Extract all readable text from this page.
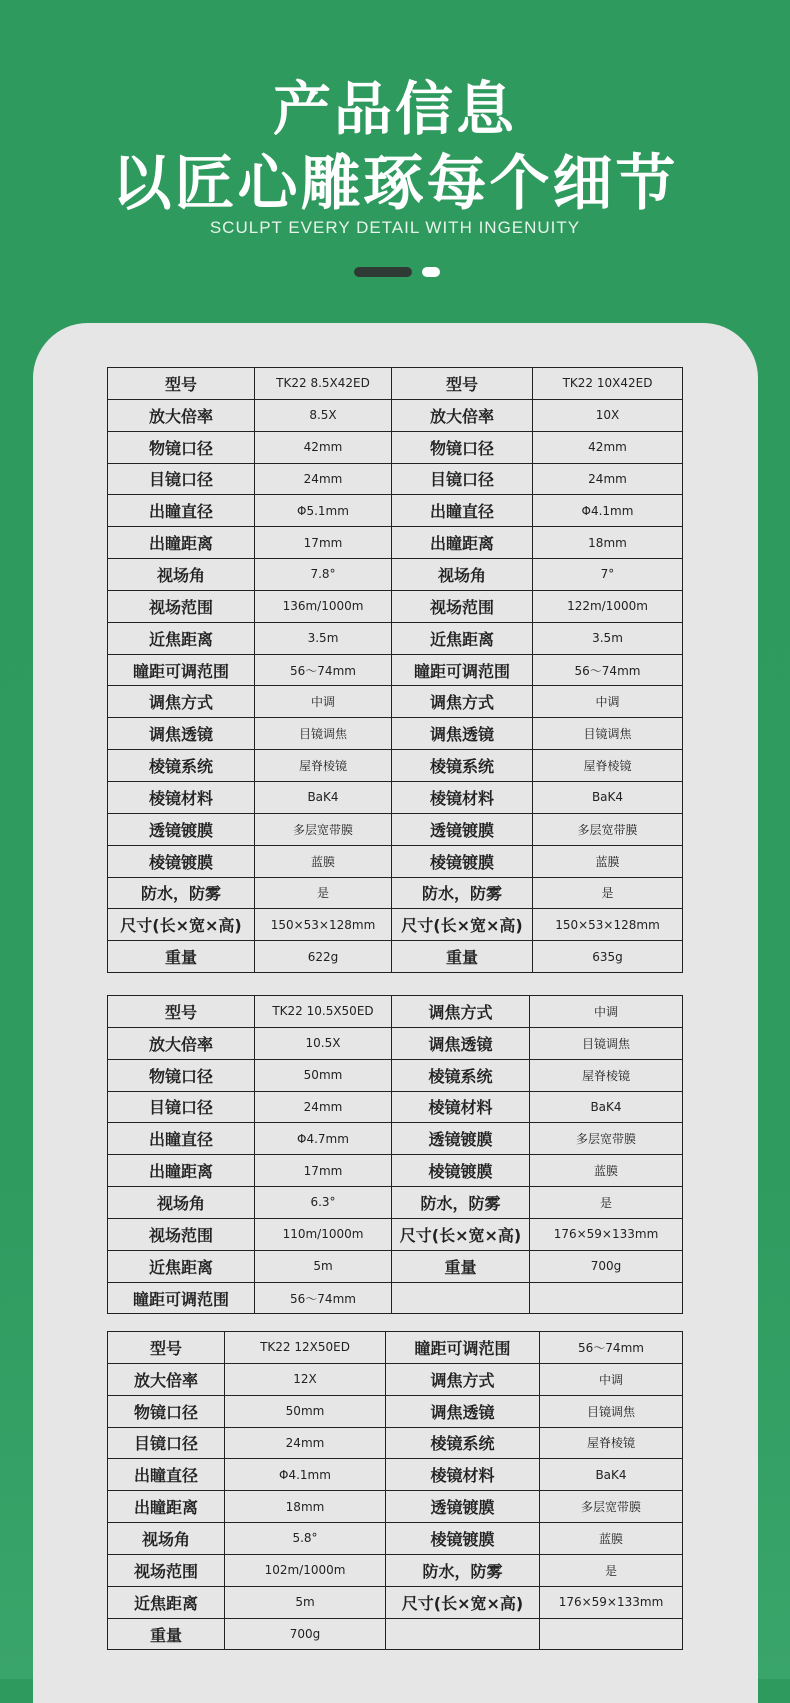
产品信息
以匠心雕琢每个细节
SCULPT EVERY DETAIL WITH INGENUITY
型号	TK22 8.5X42ED	型号	TK22 10X42ED
放大倍率	8.5X	放大倍率	10X
物镜口径	42mm	物镜口径	42mm
目镜口径	24mm	目镜口径	24mm
出瞳直径	Φ5.1mm	出瞳直径	Φ4.1mm
出瞳距离	17mm	出瞳距离	18mm
视场角	7.8°	视场角	7°
视场范围	136m/1000m	视场范围	122m/1000m
近焦距离	3.5m	近焦距离	3.5m
瞳距可调范围	56～74mm	瞳距可调范围	56～74mm
调焦方式	中调	调焦方式	中调
调焦透镜	目镜调焦	调焦透镜	目镜调焦
棱镜系统	屋脊棱镜	棱镜系统	屋脊棱镜
棱镜材料	BaK4	棱镜材料	BaK4
透镜镀膜	多层宽带膜	透镜镀膜	多层宽带膜
棱镜镀膜	蓝膜	棱镜镀膜	蓝膜
防水，防雾	是	防水，防雾	是
尺寸(长×宽×高)	150×53×128mm	尺寸(长×宽×高)	150×53×128mm
重量	622g	重量	635g
型号	TK22 10.5X50ED	调焦方式	中调
放大倍率	10.5X	调焦透镜	目镜调焦
物镜口径	50mm	棱镜系统	屋脊棱镜
目镜口径	24mm	棱镜材料	BaK4
出瞳直径	Φ4.7mm	透镜镀膜	多层宽带膜
出瞳距离	17mm	棱镜镀膜	蓝膜
视场角	6.3°	防水，防雾	是
视场范围	110m/1000m	尺寸(长×宽×高)	176×59×133mm
近焦距离	5m	重量	700g
瞳距可调范围	56～74mm		
型号	TK22 12X50ED	瞳距可调范围	56～74mm
放大倍率	12X	调焦方式	中调
物镜口径	50mm	调焦透镜	目镜调焦
目镜口径	24mm	棱镜系统	屋脊棱镜
出瞳直径	Φ4.1mm	棱镜材料	BaK4
出瞳距离	18mm	透镜镀膜	多层宽带膜
视场角	5.8°	棱镜镀膜	蓝膜
视场范围	102m/1000m	防水，防雾	是
近焦距离	5m	尺寸(长×宽×高)	176×59×133mm
重量	700g		
